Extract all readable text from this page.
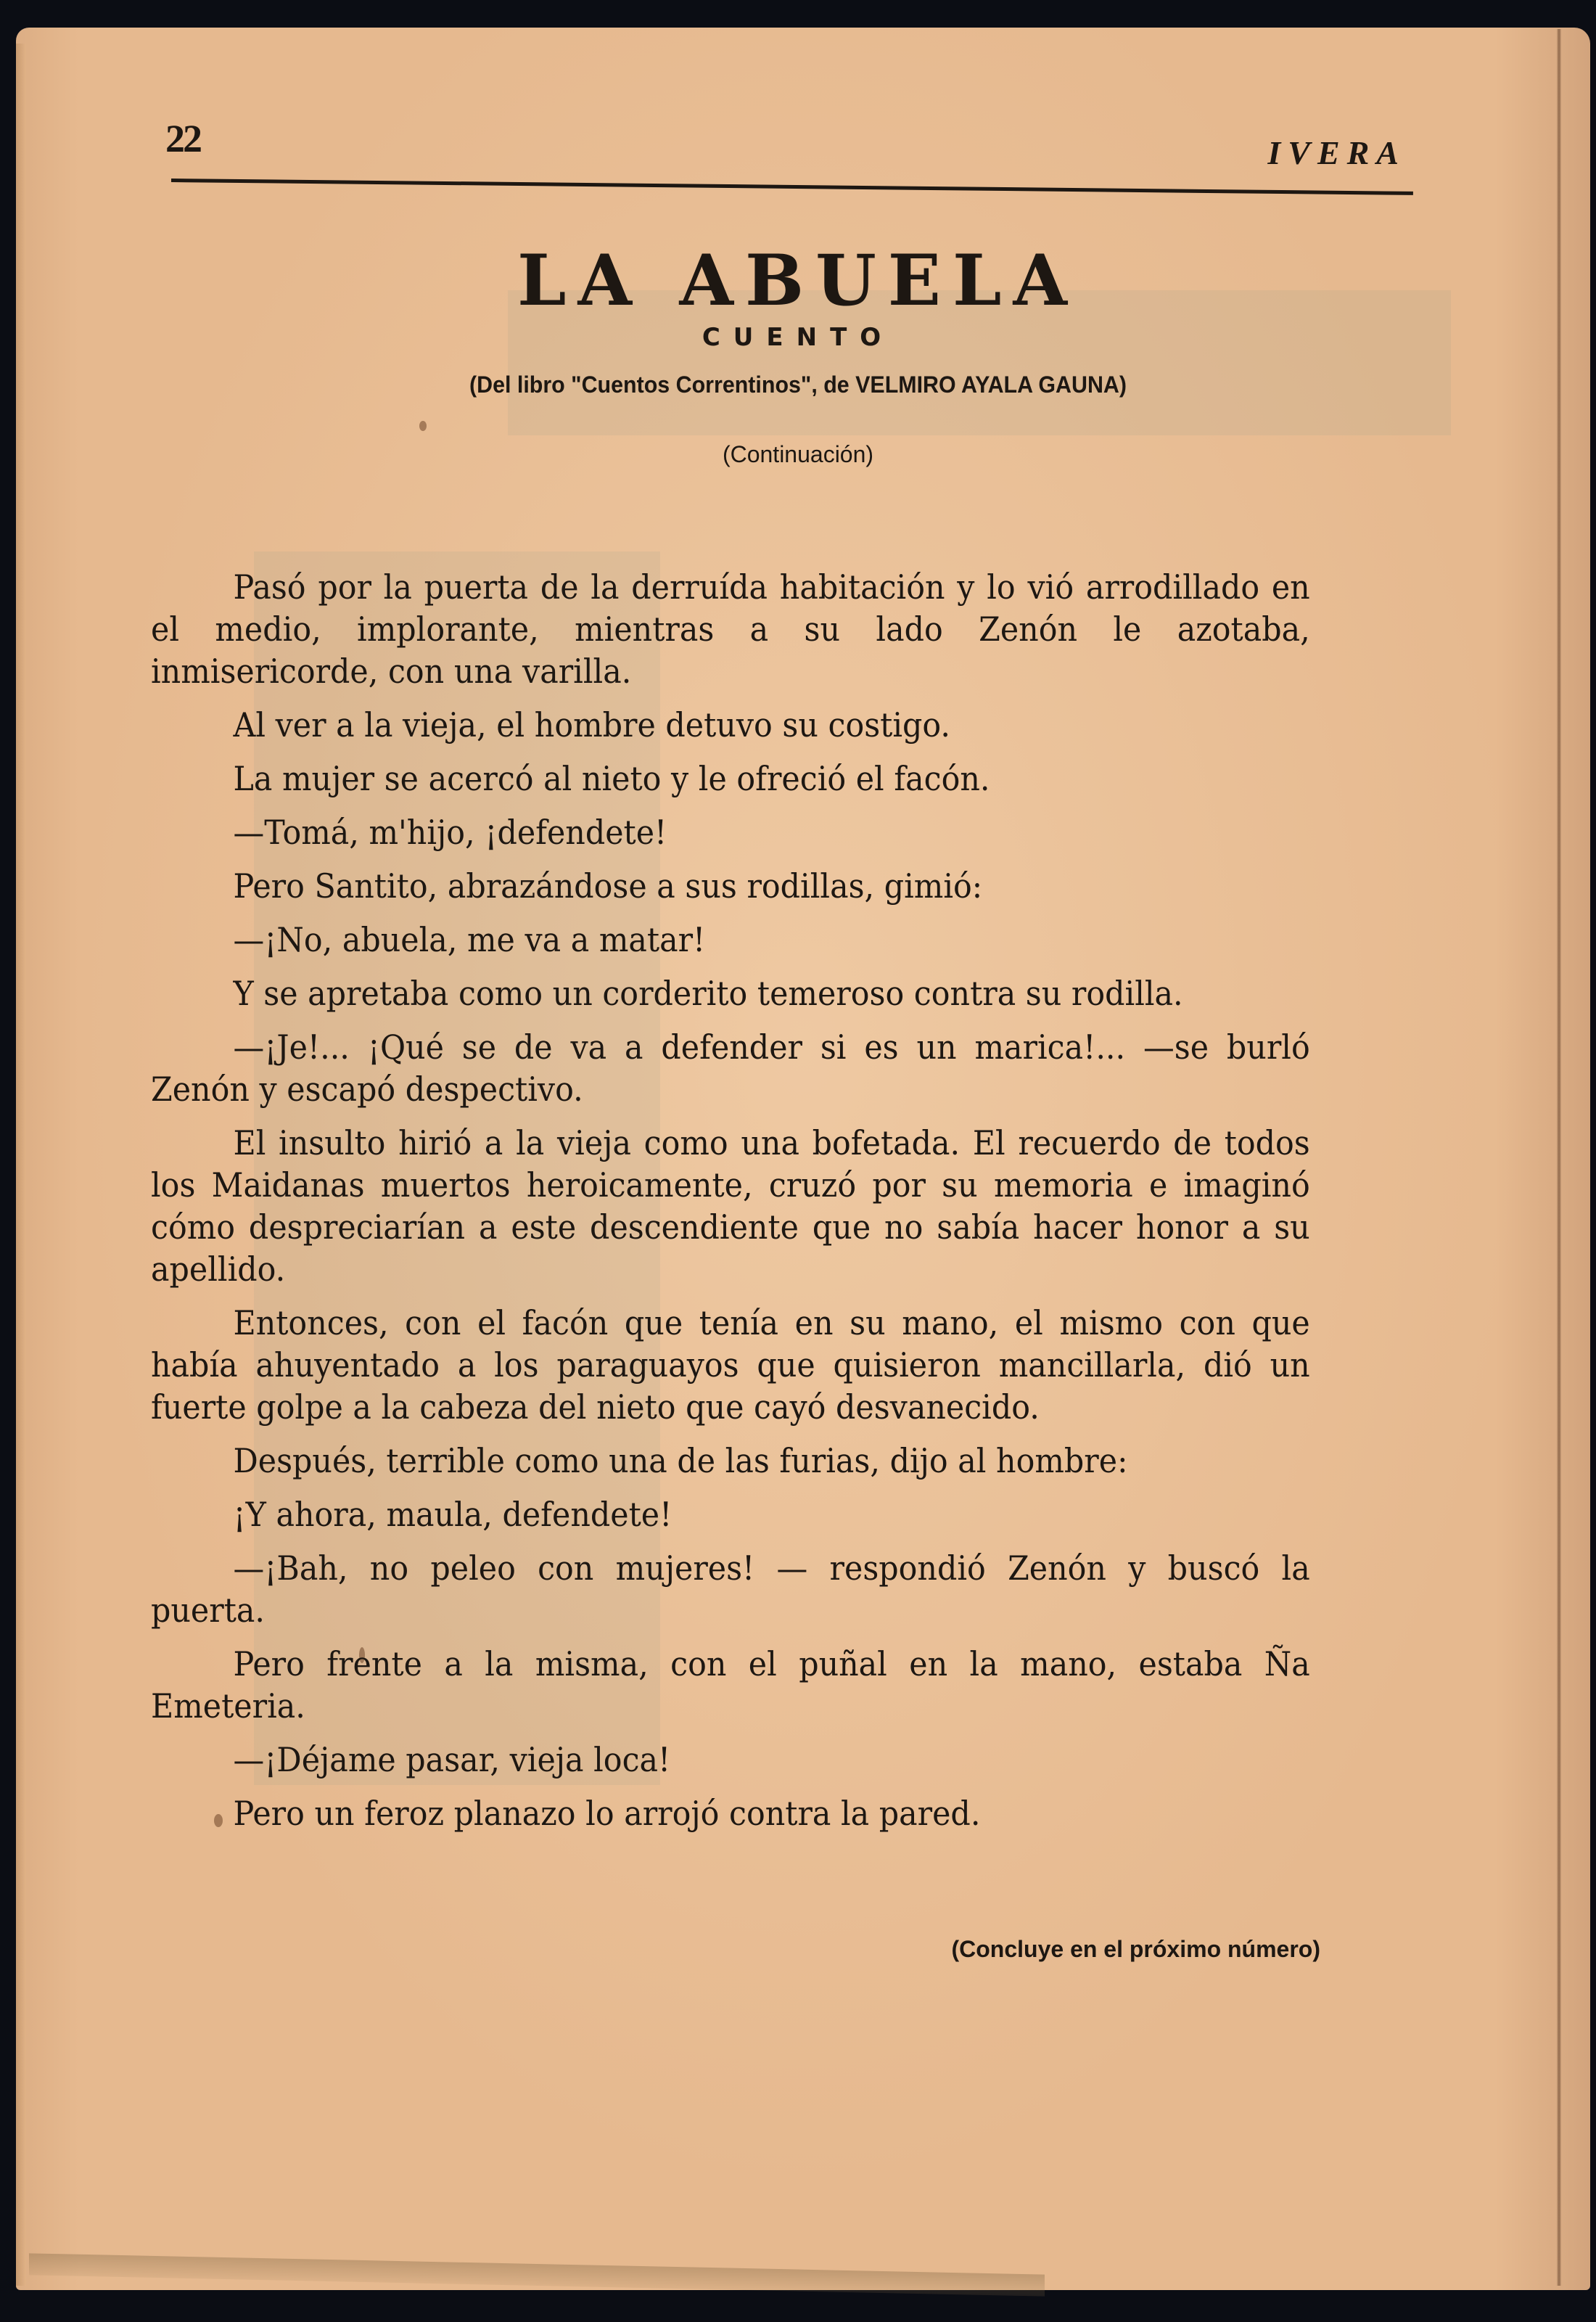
22	IVERA
LA ABUELA
CUENTO
(Del libro "Cuentos Correntinos", de VELMIRO AYALA GAUNA)
(Continuación)

Pasó por la puerta de la derruída habitación y lo vió arrodillado en el medio, implorante, mientras a su lado Zenón le azotaba, inmisericorde, con una varilla.

Al ver a la vieja, el hombre detuvo su costigo.

La mujer se acercó al nieto y le ofreció el facón.

—Tomá, m'hijo, ¡defendete!

Pero Santito, abrazándose a sus rodillas, gimió:

—¡No, abuela, me va a matar!

Y se apretaba como un corderito temeroso contra su rodilla.

—¡Je!... ¡Qué se de va a defender si es un marica!... —se burló Zenón y escapó despectivo.

El insulto hirió a la vieja como una bofetada. El recuerdo de todos los Maidanas muertos heroicamente, cruzó por su memoria e imaginó cómo despreciarían a este descendiente que no sabía hacer honor a su apellido.

Entonces, con el facón que tenía en su mano, el mismo con que había ahuyentado a los paraguayos que quisieron mancillarla, dió un fuerte golpe a la cabeza del nieto que cayó desvanecido.

Después, terrible como una de las furias, dijo al hombre:

¡Y ahora, maula, defendete!

—¡Bah, no peleo con mujeres! — respondió Zenón y buscó la puerta.

Pero frente a la misma, con el puñal en la mano, estaba Ña Emeteria.

—¡Déjame pasar, vieja loca!

Pero un feroz planazo lo arrojó contra la pared.

(Concluye en el próximo número)
